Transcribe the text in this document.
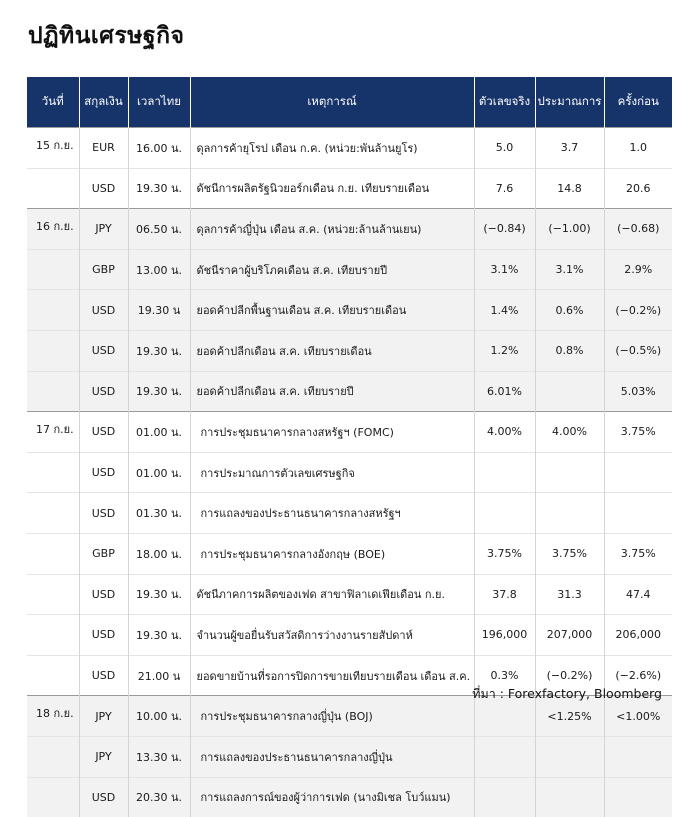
ปฏิทินเศรษฐกิจ
วันที่	สกุลเงิน	เวลาไทย	เหตุการณ์	ตัวเลขจริง	ประมาณการ	ครั้งก่อน
15 ก.ย.	EUR	16.00 น.	ดุลการค้ายุโรป เดือน ก.ค. (หน่วย:พันล้านยูโร)	5.0	3.7	1.0
	USD	19.30 น.	ดัชนีการผลิตรัฐนิวยอร์กเดือน ก.ย. เทียบรายเดือน	7.6	14.8	20.6
16 ก.ย.	JPY	06.50 น.	ดุลการค้าญี่ปุ่น เดือน ส.ค. (หน่วย:ล้านล้านเยน)	(−0.84)	(−1.00)	(−0.68)
	GBP	13.00 น.	ดัชนีราคาผู้บริโภคเดือน ส.ค. เทียบรายปี	3.1%	3.1%	2.9%
	USD	19.30 น	ยอดค้าปลีกพื้นฐานเดือน ส.ค. เทียบรายเดือน	1.4%	0.6%	(−0.2%)
	USD	19.30 น.	ยอดค้าปลีกเดือน ส.ค. เทียบรายเดือน	1.2%	0.8%	(−0.5%)
	USD	19.30 น.	ยอดค้าปลีกเดือน ส.ค. เทียบรายปี	6.01%		5.03%
17 ก.ย.	USD	01.00 น.	การประชุมธนาคารกลางสหรัฐฯ (FOMC)	4.00%	4.00%	3.75%
	USD	01.00 น.	การประมาณการตัวเลขเศรษฐกิจ			
	USD	01.30 น.	การแถลงของประธานธนาคารกลางสหรัฐฯ			
	GBP	18.00 น.	การประชุมธนาคารกลางอังกฤษ (BOE)	3.75%	3.75%	3.75%
	USD	19.30 น.	ดัชนีภาคการผลิตของเฟด สาขาฟิลาเดเฟียเดือน ก.ย.	37.8	31.3	47.4
	USD	19.30 น.	จำนวนผู้ขอยื่นรับสวัสดิการว่างงานรายสัปดาห์	196,000	207,000	206,000
	USD	21.00 น	ยอดขายบ้านที่รอการปิดการขายเทียบรายเดือน เดือน ส.ค.	0.3%	(−0.2%)	(−2.6%)
18 ก.ย.	JPY	10.00 น.	การประชุมธนาคารกลางญี่ปุ่น (BOJ)		<1.25%	<1.00%
	JPY	13.30 น.	การแถลงของประธานธนาคารกลางญี่ปุ่น			
	USD	20.30 น.	การแถลงการณ์ของผู้ว่าการเฟด (นางมิเชล โบว์แมน)			
ที่มา : Forexfactory, Bloomberg
